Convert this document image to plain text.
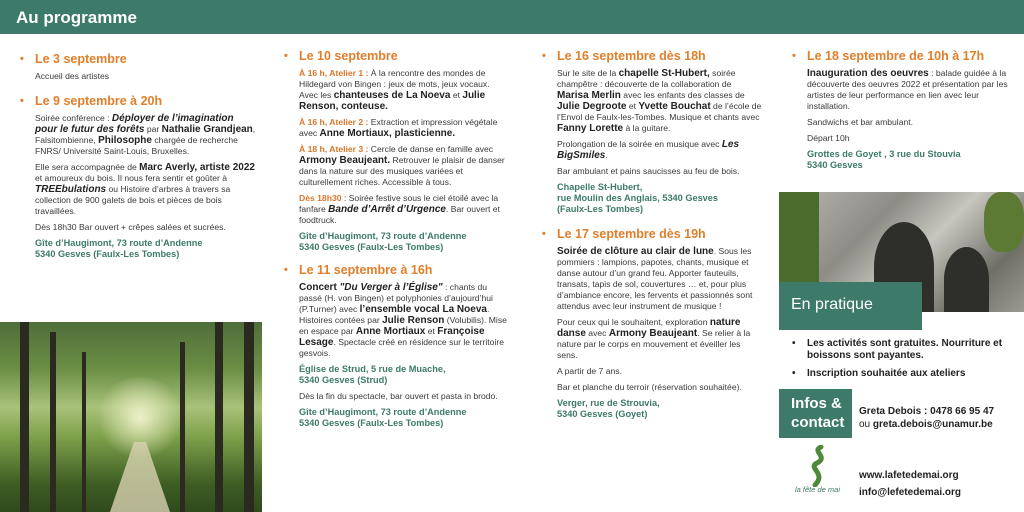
Au programme
• Le 3 septembre
Accueil des artistes
• Le 9 septembre à 20h
Soirée conférence : Déployer de l’imagination pour le futur des forêts par Nathalie Grandjean, Falsitombienne, Philosophe chargée de recherche FNRS/ Université Saint-Louis, Bruxelles.
Elle sera accompagnée de Marc Averly, artiste 2022 et amoureux du bois. Il nous fera sentir et goûter à TREEbulations ou Histoire d’arbres à travers sa collection de 900 galets de bois et pièces de bois travaillées.
Dès 18h30 Bar ouvert + crêpes salées et sucrées.
Gîte d’Haugimont, 73 route d’Andenne
5340 Gesves (Faulx-Les Tombes)
• Le 10 septembre
À 16 h, Atelier 1 : À la rencontre des mondes de Hildegard von Bingen : jeux de mots, jeux vocaux. Avec les chanteuses de La Noeva et Julie Renson, conteuse.
À 16 h, Atelier 2 : Extraction et impression végétale avec Anne Mortiaux, plasticienne.
À 18 h, Atelier 3 : Cercle de danse en famille avec Armony Beaujeant. Retrouver le plaisir de danser dans la nature sur des musiques variées et culturellement riches. Accessible à tous.
Dès 18h30 : Soirée festive sous le ciel étoilé avec la fanfare Bande d’Arrêt d’Urgence. Bar ouvert et foodtruck.
Gîte d’Haugimont, 73 route d’Andenne
5340 Gesves (Faulx-Les Tombes)
• Le 11 septembre à 16h
Concert "Du Verger à l’Église" : chants du passé (H. von Bingen) et polyphonies d’aujourd’hui (P.Turner) avec l’ensemble vocal La Noeva. Histoires contées par Julie Renson (Volubilis). Mise en espace par Anne Mortiaux et Françoise Lesage. Spectacle créé en résidence sur le territoire gesvois.
Église de Strud, 5 rue de Muache,
5340 Gesves (Strud)
Dès la fin du spectacle, bar ouvert et pasta in brodo.
Gîte d’Haugimont, 73 route d’Andenne
5340 Gesves (Faulx-Les Tombes)
• Le 16 septembre dès 18h
Sur le site de la chapelle St-Hubert, soirée champêtre : découverte de la collaboration de Marisa Merlin avec les enfants des classes de Julie Degroote et Yvette Bouchat de l’école de l’Envol de Faulx-les-Tombes. Musique et chants avec Fanny Lorette à la guitare.
Prolongation de la soirée en musique avec Les BigSmiles.
Bar ambulant et pains saucisses au feu de bois.
Chapelle St-Hubert,
rue Moulin des Anglais, 5340 Gesves
(Faulx-Les Tombes)
• Le 17 septembre dès 19h
Soirée de clôture au clair de lune. Sous les pommiers : lampions, papotes, chants, musique et danse autour d’un grand feu. Apporter fauteuils, transats, tapis de sol, couvertures … et, pour plus d’ambiance encore, les fervents et passionnés sont attendus avec leur instrument de musique !
Pour ceux qui le souhaitent, exploration nature danse avec Armony Beaujeant. Se relier à la nature par le corps en mouvement et éveiller les sens.
A partir de 7 ans.
Bar et planche du terroir (réservation souhaitée).
Verger, rue de Strouvia,
5340 Gesves (Goyet)
• Le 18 septembre de 10h à 17h
Inauguration des oeuvres : balade guidée à la découverte des oeuvres 2022 et présentation par les artistes de leur performance en lien avec leur installation.
Sandwichs et bar ambulant.
Départ 10h
Grottes de Goyet , 3 rue du Stouvia
5340 Gesves
En pratique
• Les activités sont gratuites. Nourriture et boissons sont payantes.
• Inscription souhaitée aux ateliers
Infos &
contact
Greta Debois : 0478 66 95 47
ou greta.debois@unamur.be
la fête de mai
www.lafetedemai.org
info@lefetedemai.org
